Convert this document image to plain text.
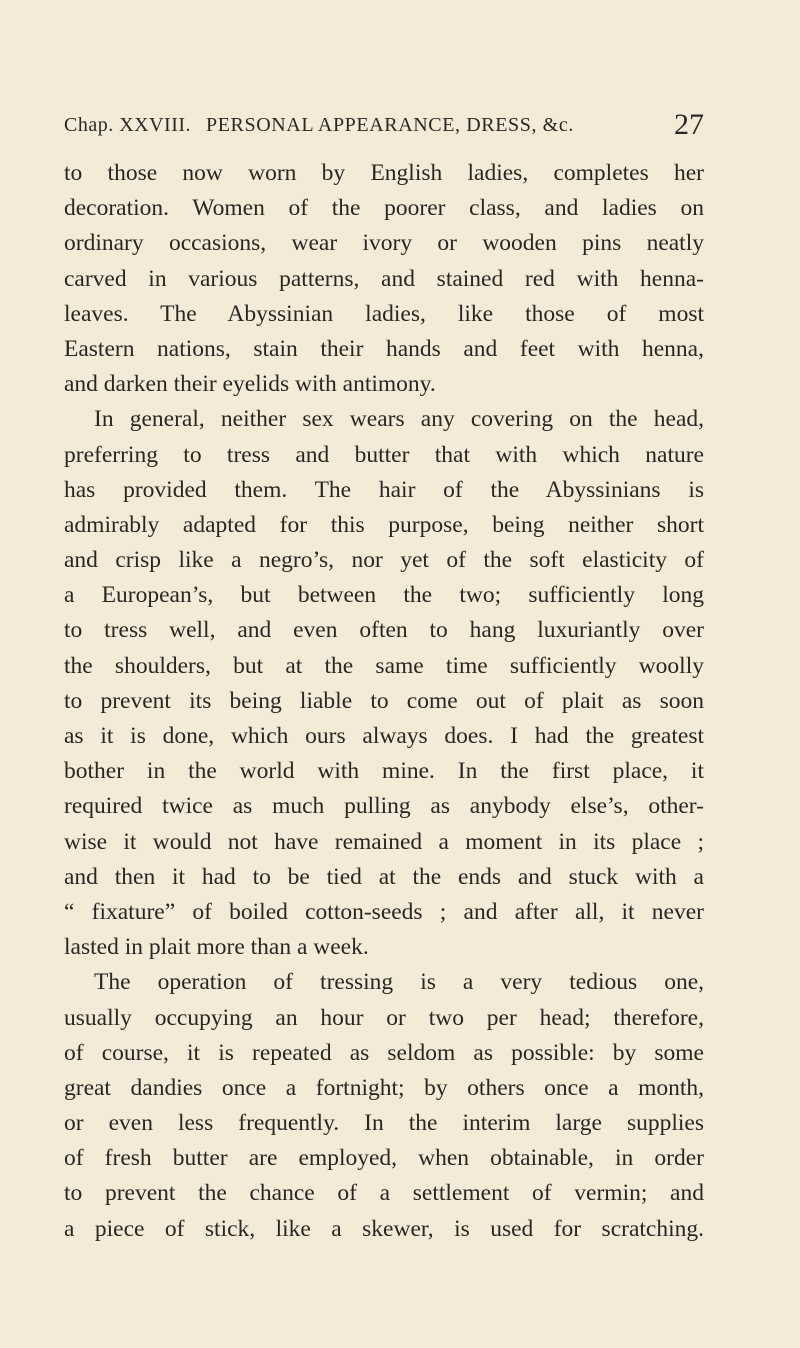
Chap. XXVIII. PERSONAL APPEARANCE, DRESS, &c.	27
to those now worn by English ladies, completes her
decoration. Women of the poorer class, and ladies on
ordinary occasions, wear ivory or wooden pins neatly
carved in various patterns, and stained red with henna-
leaves. The Abyssinian ladies, like those of most
Eastern nations, stain their hands and feet with henna,
and darken their eyelids with antimony.
In general, neither sex wears any covering on the head,
preferring to tress and butter that with which nature
has provided them. The hair of the Abyssinians is
admirably adapted for this purpose, being neither short
and crisp like a negro’s, nor yet of the soft elasticity of
a European’s, but between the two; sufficiently long
to tress well, and even often to hang luxuriantly over
the shoulders, but at the same time sufficiently woolly
to prevent its being liable to come out of plait as soon
as it is done, which ours always does. I had the greatest
bother in the world with mine. In the first place, it
required twice as much pulling as anybody else’s, other-
wise it would not have remained a moment in its place ;
and then it had to be tied at the ends and stuck with a
“ fixature” of boiled cotton-seeds ; and after all, it never
lasted in plait more than a week.
The operation of tressing is a very tedious one,
usually occupying an hour or two per head; therefore,
of course, it is repeated as seldom as possible: by some
great dandies once a fortnight; by others once a month,
or even less frequently. In the interim large supplies
of fresh butter are employed, when obtainable, in order
to prevent the chance of a settlement of vermin; and
a piece of stick, like a skewer, is used for scratching.
